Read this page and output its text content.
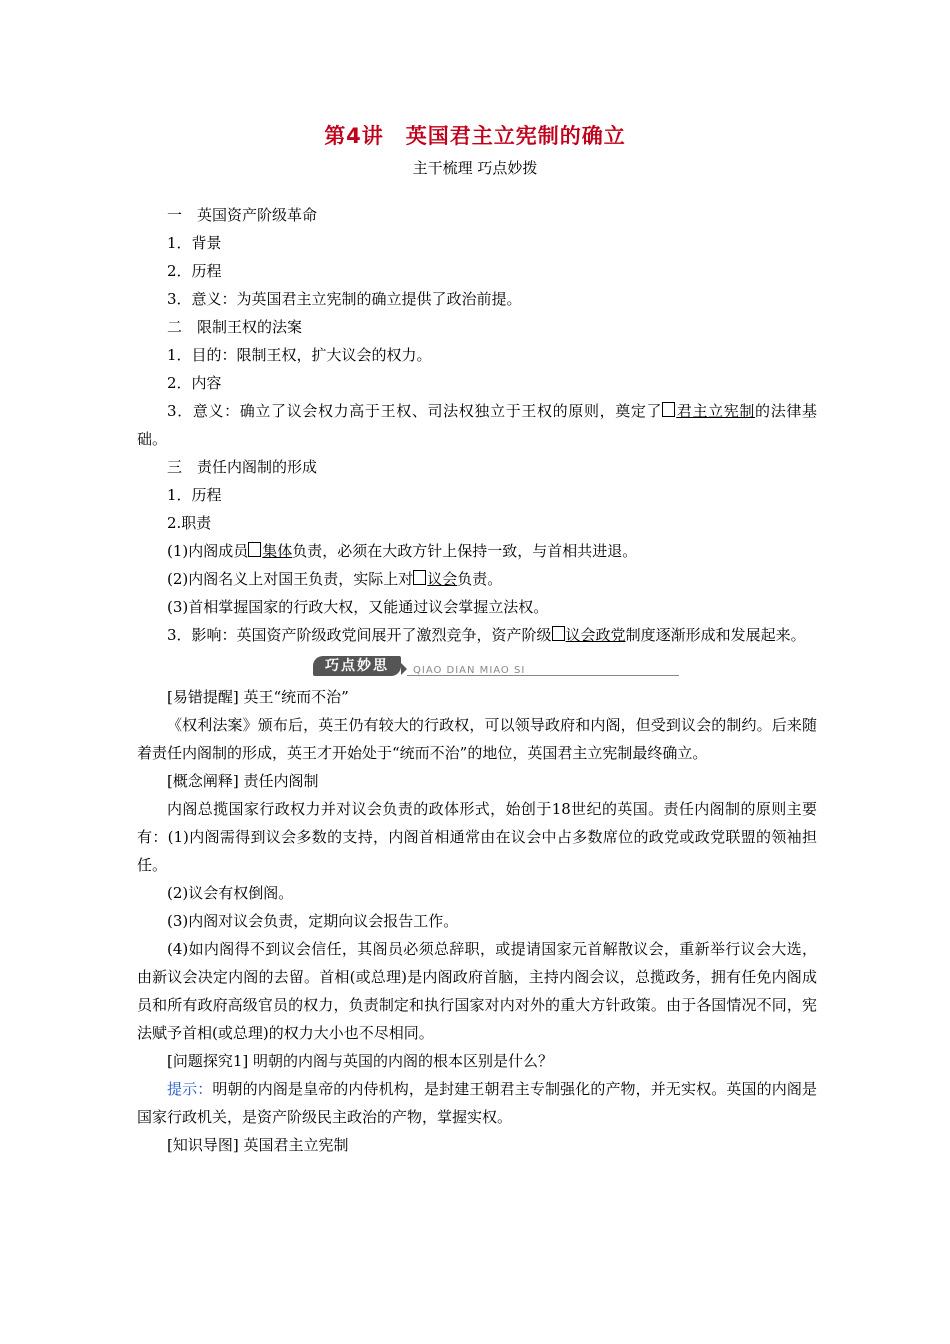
第4讲　英国君主立宪制的确立
主干梳理 巧点妙拨
一　英国资产阶级革命
1．背景
2．历程
3．意义：为英国君主立宪制的确立提供了政治前提。
二　限制王权的法案
1．目的：限制王权，扩大议会的权力。
2．内容
3．意义：确立了议会权力高于王权、司法权独立于王权的原则，奠定了 君主立宪制的法律基础。
三　责任内阁制的形成
1．历程
2.职责
(1)内阁成员 集体负责，必须在大政方针上保持一致，与首相共进退。
(2)内阁名义上对国王负责，实际上对 议会负责。
(3)首相掌握国家的行政大权，又能通过议会掌握立法权。
3．影响：英国资产阶级政党间展开了激烈竞争，资产阶级 议会政党制度逐渐形成和发展起来。
巧点妙思	QIAO DIAN MIAO SI
[易错提醒] 英王“统而不治”
《权利法案》颁布后，英王仍有较大的行政权，可以领导政府和内阁，但受到议会的制约。后来随着责任内阁制的形成，英王才开始处于“统而不治”的地位，英国君主立宪制最终确立。
[概念阐释] 责任内阁制
内阁总揽国家行政权力并对议会负责的政体形式，始创于18世纪的英国。责任内阁制的原则主要有：(1)内阁需得到议会多数的支持，内阁首相通常由在议会中占多数席位的政党或政党联盟的领袖担任。
(2)议会有权倒阁。
(3)内阁对议会负责，定期向议会报告工作。
(4)如内阁得不到议会信任，其阁员必须总辞职，或提请国家元首解散议会，重新举行议会大选，由新议会决定内阁的去留。首相(或总理)是内阁政府首脑，主持内阁会议，总揽政务，拥有任免内阁成员和所有政府高级官员的权力，负责制定和执行国家对内对外的重大方针政策。由于各国情况不同，宪法赋予首相(或总理)的权力大小也不尽相同。
[问题探究1] 明朝的内阁与英国的内阁的根本区别是什么？
提示：明朝的内阁是皇帝的内侍机构，是封建王朝君主专制强化的产物，并无实权。英国的内阁是国家行政机关，是资产阶级民主政治的产物，掌握实权。
[知识导图] 英国君主立宪制
